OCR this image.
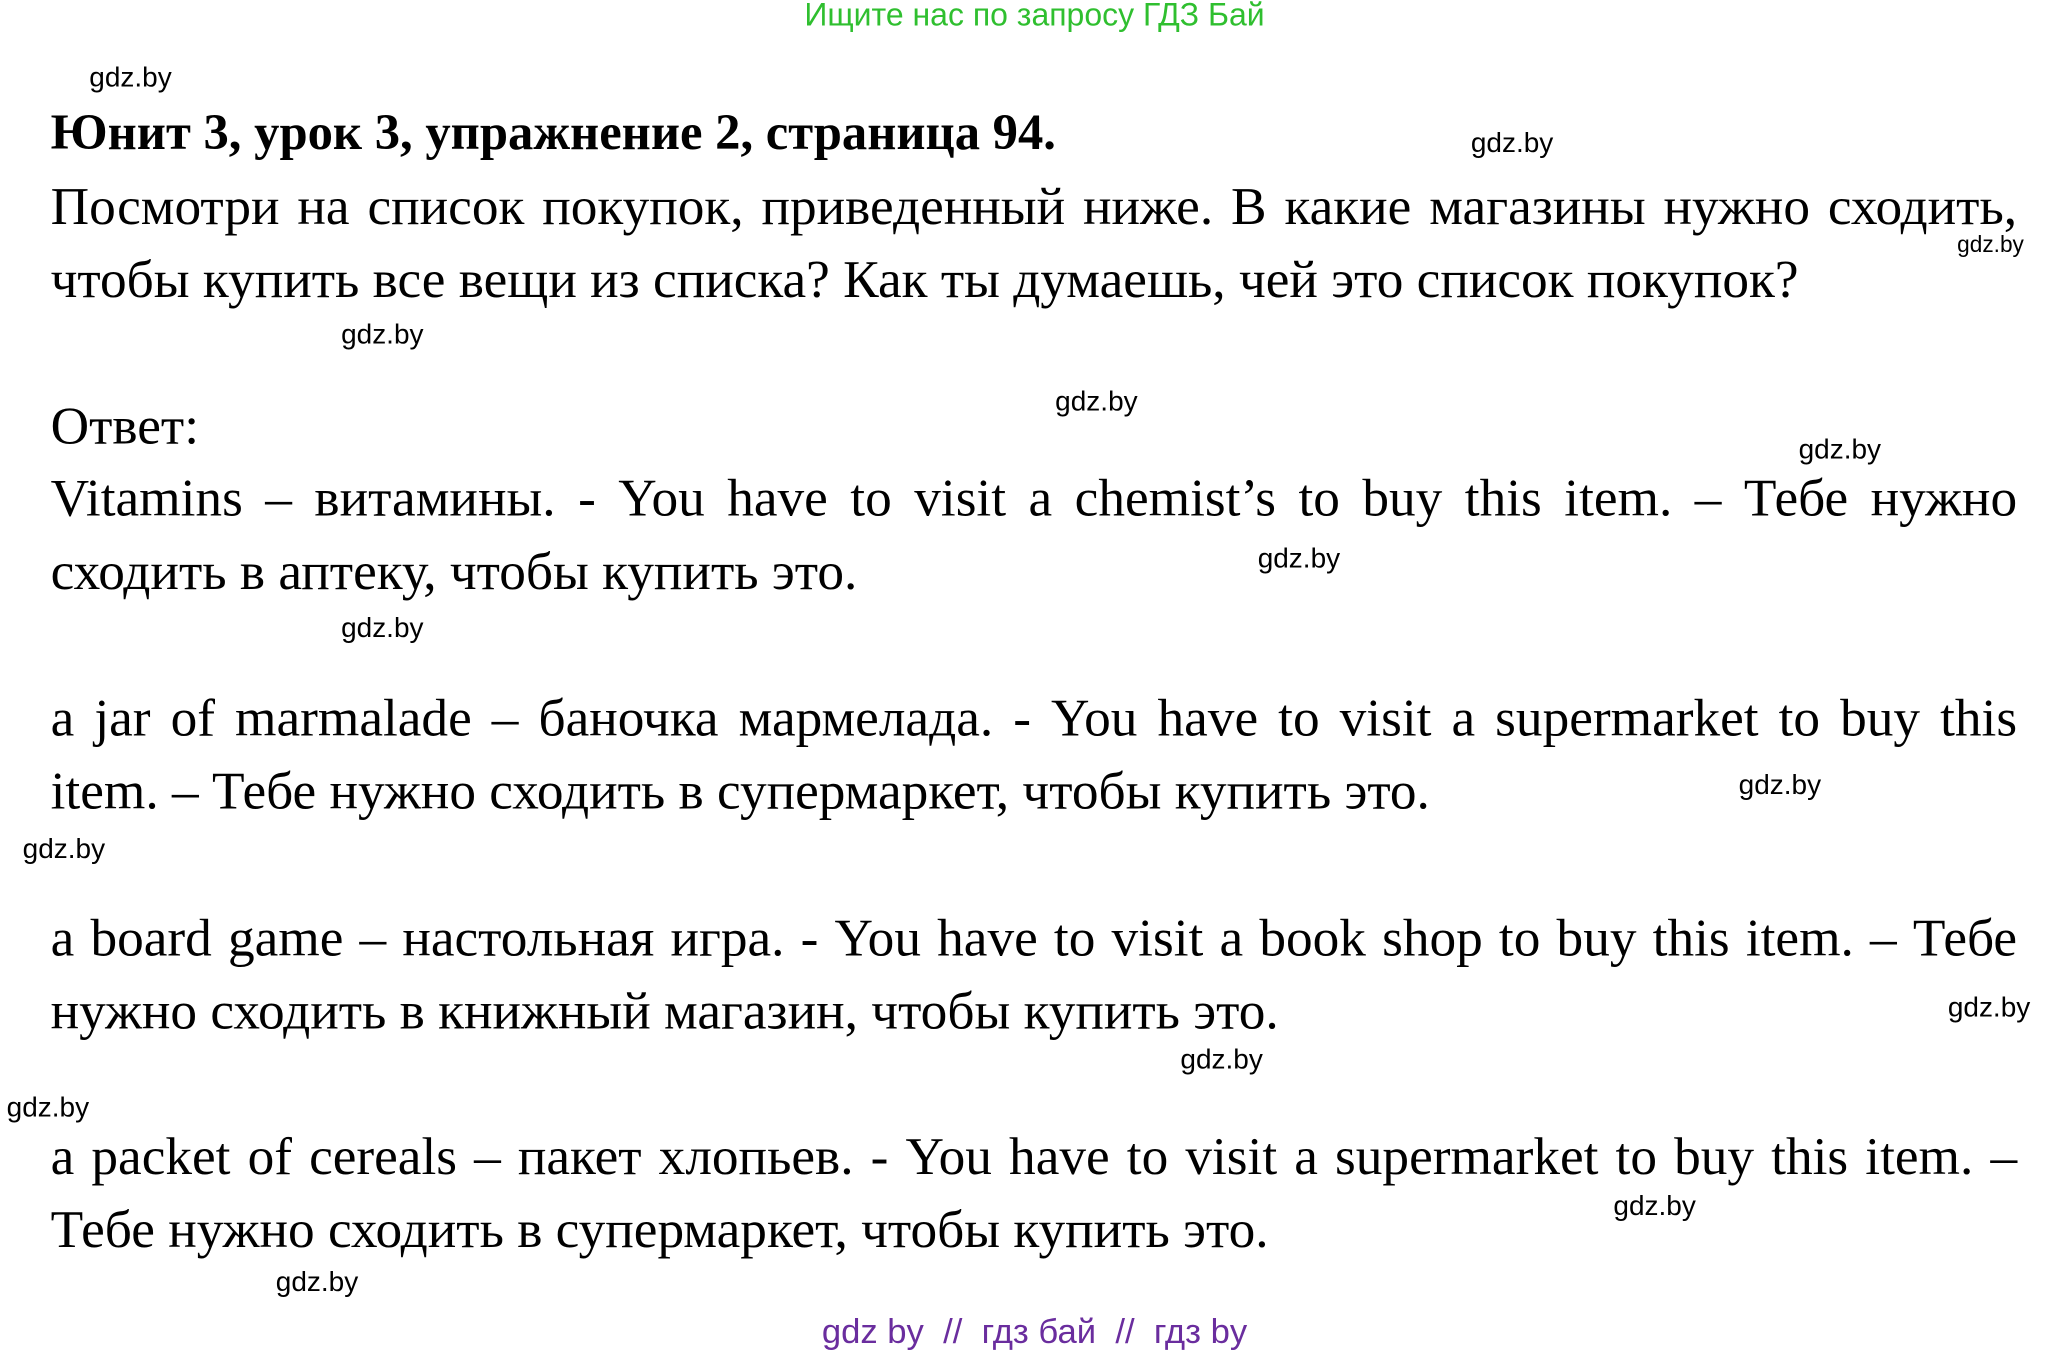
Ищите нас по запросу ГДЗ Бай
gdz.by
Юнит 3, урок 3, упражнение 2, страница 94.	gdz.by

Посмотри на список покупок, приведенный ниже. В какие магазины нужно сходить, чтобы купить все вещи из списка? Как ты думаешь, чей это список покупок?

gdz.by
gdz.by
gdz.by

Ответ:	gdz.by

Vitamins – витамины. - You have to visit a chemist’s to buy this item. – Тебе нужно сходить в аптеку, чтобы купить это.	gdz.by
gdz.by

a jar of marmalade – баночка мармелада. - You have to visit a supermarket to buy this item. – Тебе нужно сходить в супермаркет, чтобы купить это.	gdz.by
gdz.by

a board game – настольная игра. - You have to visit a book shop to buy this item. – Тебе нужно сходить в книжный магазин, чтобы купить это.	gdz.by
gdz.by
gdz.by

a packet of cereals – пакет хлопьев. - You have to visit a supermarket to buy this item. – Тебе нужно сходить в супермаркет, чтобы купить это.	gdz.by
gdz.by
gdz by  //  гдз бай  //  гдз by
